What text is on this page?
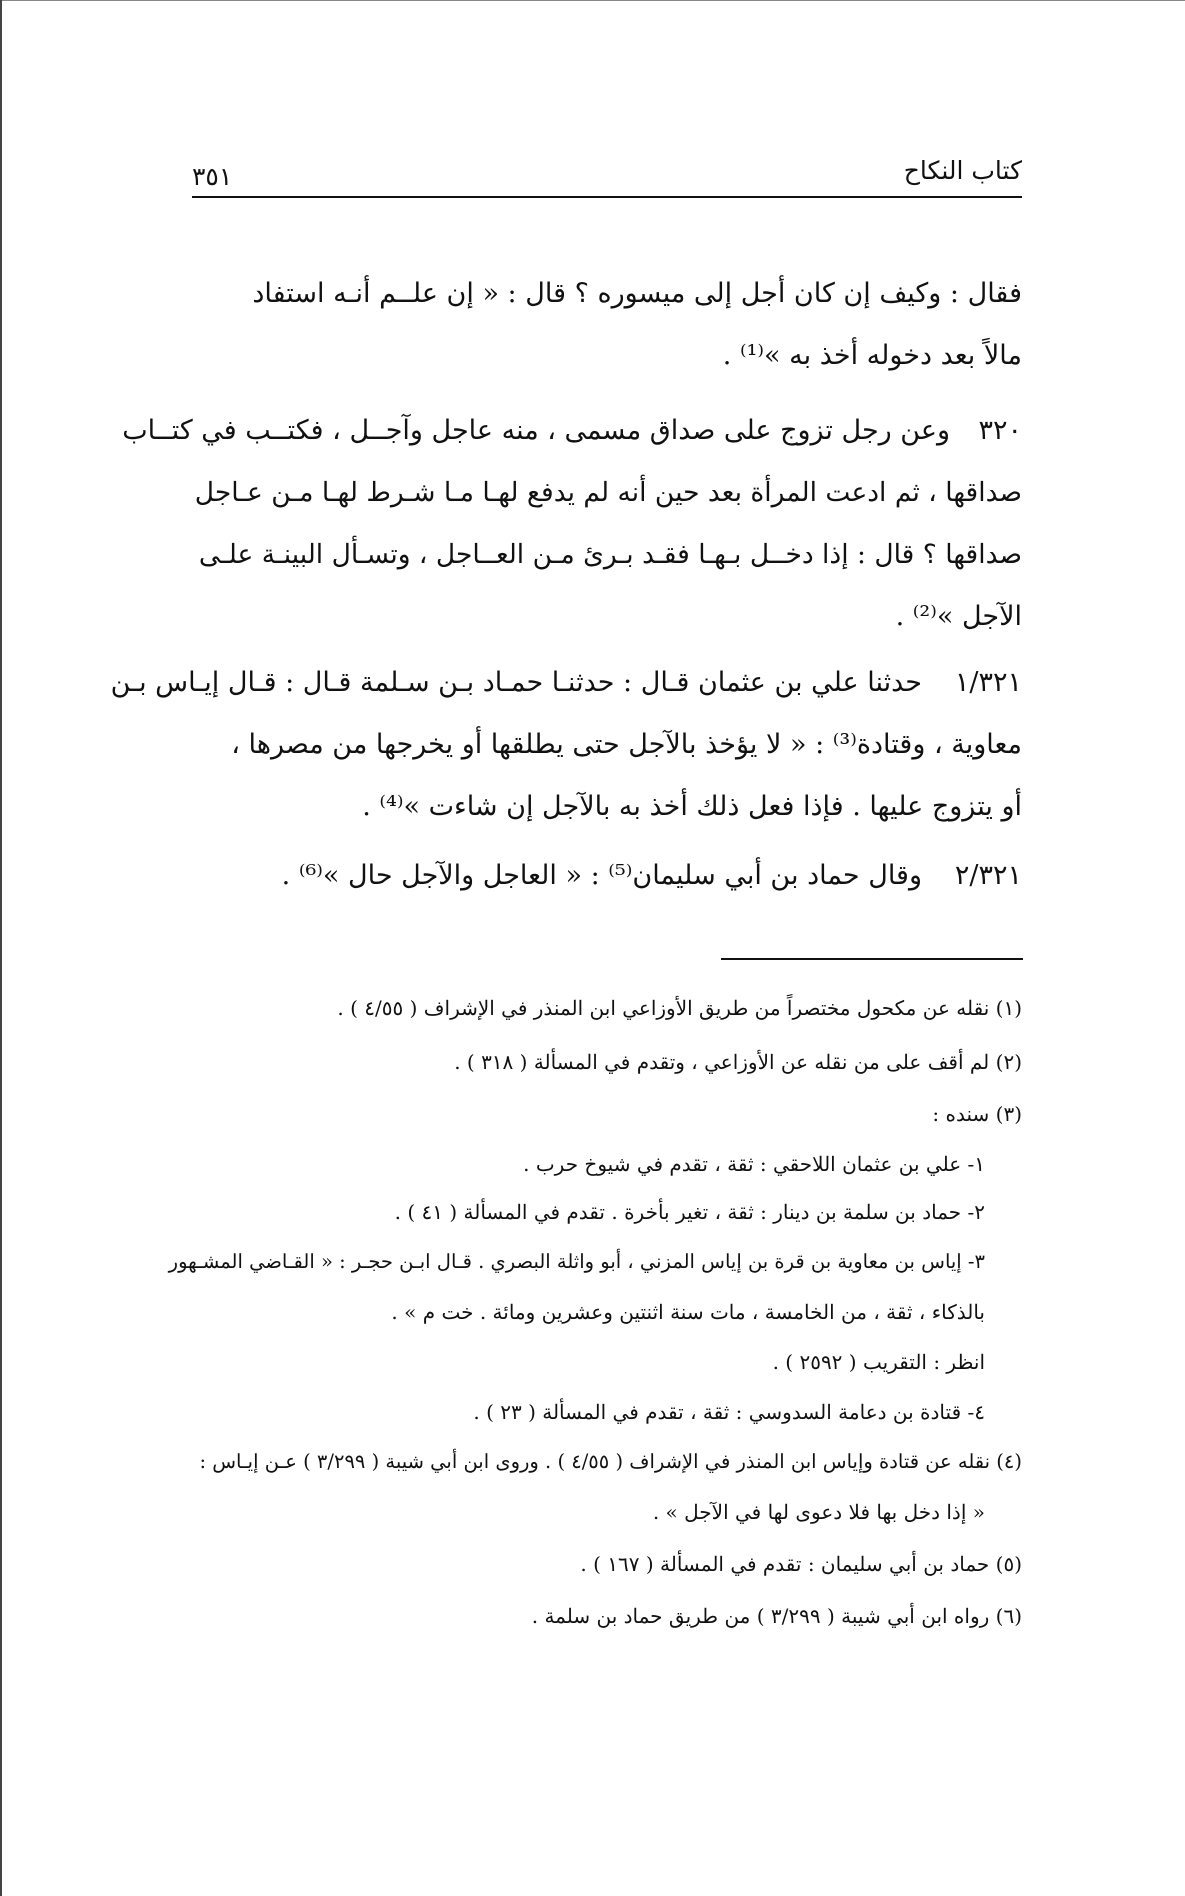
كتاب النكاح
٣٥١
فقال : وكيف إن كان أجل إلى ميسوره ؟ قال : « إن علــم أنـه استفاد
مالاً بعد دخوله أخذ به »⁽¹⁾ .
٣٢٠
وعن رجل تزوج على صداق مسمى ، منه عاجل وآجــل ، فكتــب في كتــاب
صداقها ، ثم ادعت المرأة بعد حين أنه لم يدفع لهـا مـا شـرط لهـا مـن عـاجل
صداقها ؟ قال : إذا دخــل بـهـا فقـد بـرئ مـن العــاجل ، وتسـأل البينـة علـى
الآجل »⁽²⁾ .
١/٣٢١
حدثنا علي بن عثمان قـال : حدثنـا حمـاد بـن سـلمة قـال : قـال إيـاس بـن
معاوية ، وقتادة⁽³⁾ : « لا يؤخذ بالآجل حتى يطلقها أو يخرجها من مصرها ،
أو يتزوج عليها . فإذا فعل ذلك أخذ به بالآجل إن شاءت »⁽⁴⁾ .
٢/٣٢١
وقال حماد بن أبي سليمان⁽⁵⁾ : « العاجل والآجل حال »⁽⁶⁾ .
(١) نقله عن مكحول مختصراً من طريق الأوزاعي ابن المنذر في الإشراف ( ٤/٥٥ ) .
(٢) لم أقف على من نقله عن الأوزاعي ، وتقدم في المسألة ( ٣١٨ ) .
(٣) سنده :
١- علي بن عثمان اللاحقي : ثقة ، تقدم في شيوخ حرب .
٢- حماد بن سلمة بن دينار : ثقة ، تغير بأخرة . تقدم في المسألة ( ٤١ ) .
٣- إياس بن معاوية بن قرة بن إياس المزني ، أبو واثلة البصري . قـال ابـن حجـر : « القـاضي المشـهور
بالذكاء ، ثقة ، من الخامسة ، مات سنة اثنتين وعشرين ومائة . خت م » .
انظر : التقريب ( ٢٥٩٢ ) .
٤- قتادة بن دعامة السدوسي : ثقة ، تقدم في المسألة ( ٢٣ ) .
(٤) نقله عن قتادة وإياس ابن المنذر في الإشراف ( ٤/٥٥ ) . وروى ابن أبي شيبة ( ٣/٢٩٩ ) عـن إيـاس :
« إذا دخل بها فلا دعوى لها في الآجل » .
(٥) حماد بن أبي سليمان : تقدم في المسألة ( ١٦٧ ) .
(٦) رواه ابن أبي شيبة ( ٣/٢٩٩ ) من طريق حماد بن سلمة .
